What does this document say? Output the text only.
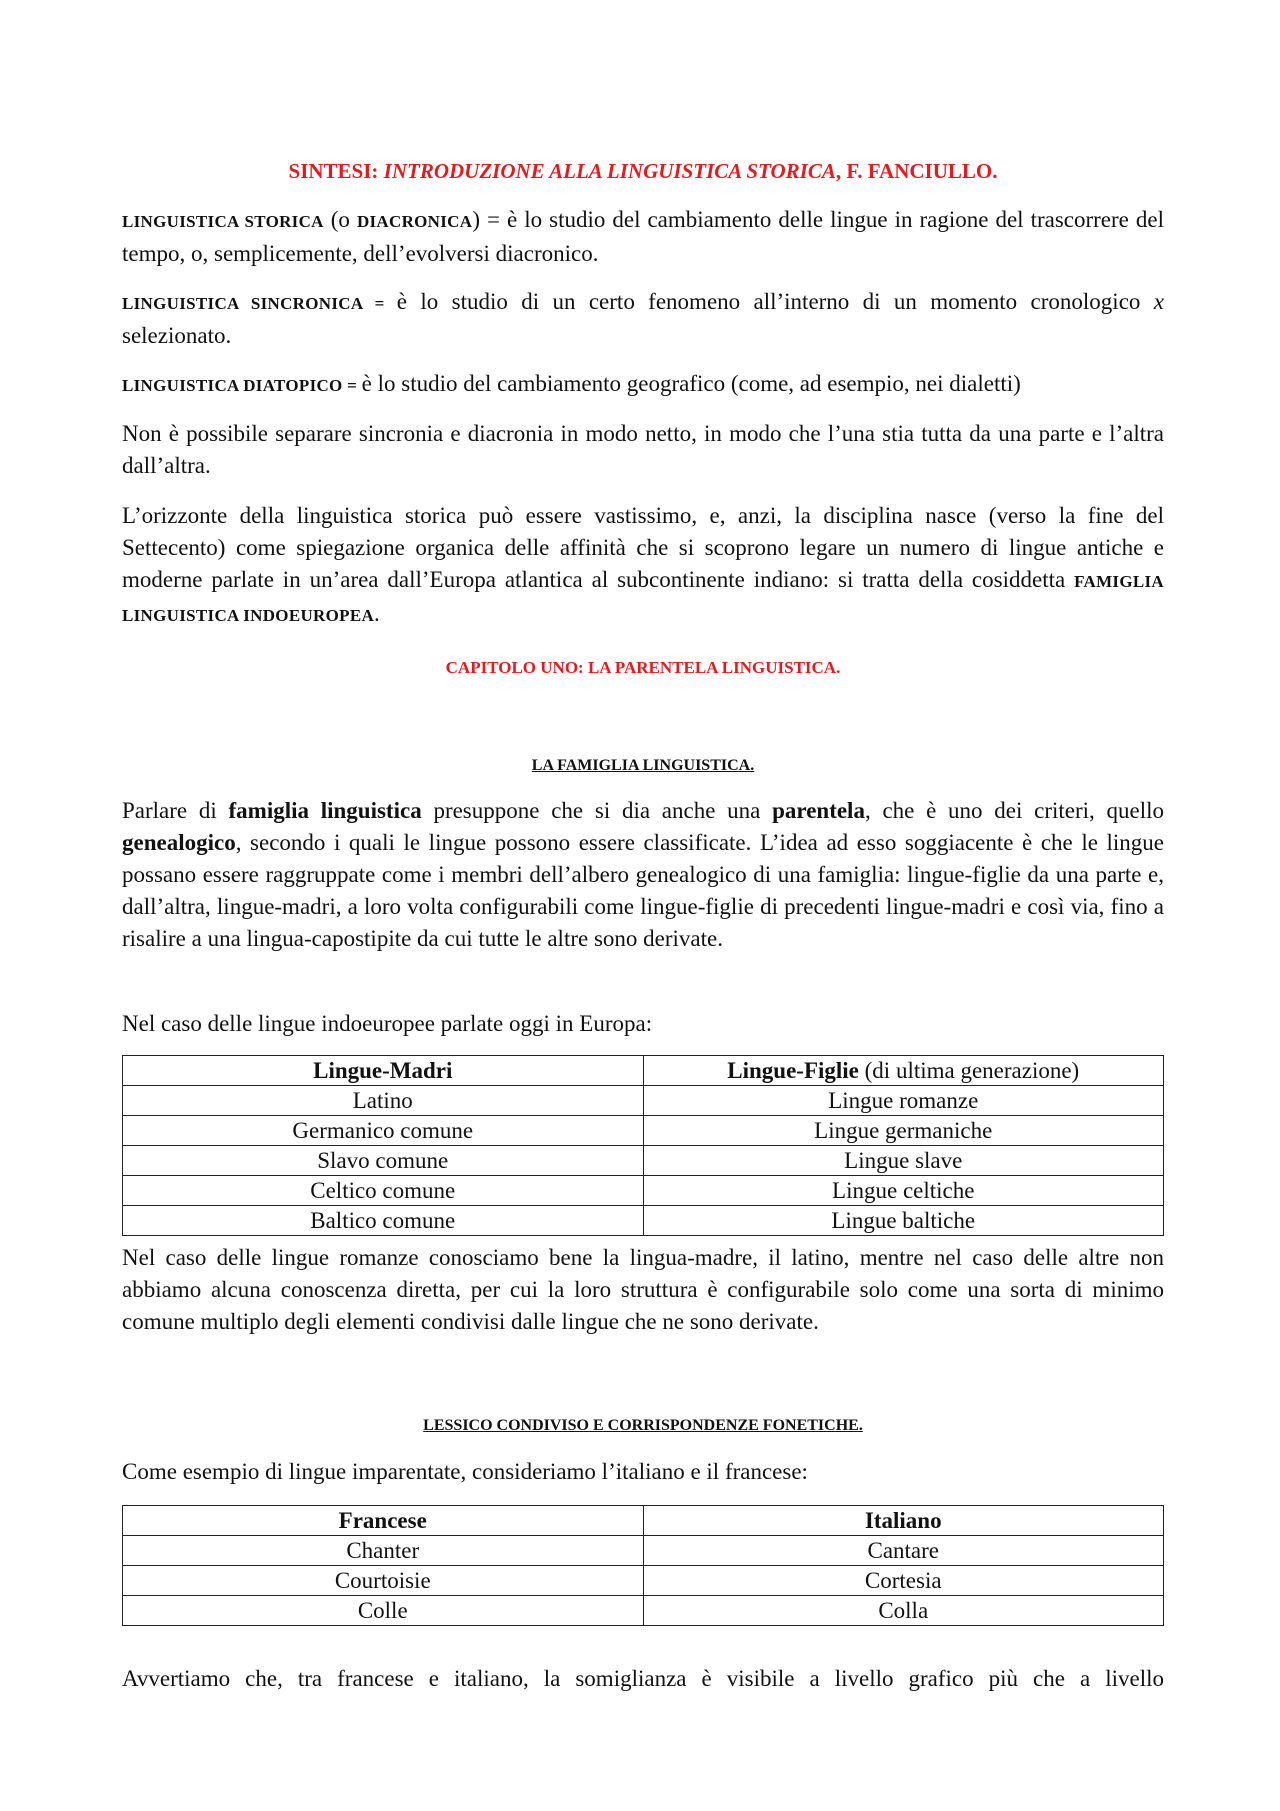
SINTESI: INTRODUZIONE ALLA LINGUISTICA STORICA, F. FANCIULLO.
LINGUISTICA STORICA (o DIACRONICA) = è lo studio del cambiamento delle lingue in ragione del trascorrere del tempo, o, semplicemente, dell’evolversi diacronico.
LINGUISTICA SINCRONICA = è lo studio di un certo fenomeno all’interno di un momento cronologico x selezionato.
LINGUISTICA DIATOPICO = è lo studio del cambiamento geografico (come, ad esempio, nei dialetti)
Non è possibile separare sincronia e diacronia in modo netto, in modo che l’una stia tutta da una parte e l’altra dall’altra.
L’orizzonte della linguistica storica può essere vastissimo, e, anzi, la disciplina nasce (verso la fine del Settecento) come spiegazione organica delle affinità che si scoprono legare un numero di lingue antiche e moderne parlate in un’area dall’Europa atlantica al subcontinente indiano: si tratta della cosiddetta FAMIGLIA LINGUISTICA INDOEUROPEA.
CAPITOLO UNO: LA PARENTELA LINGUISTICA.
LA FAMIGLIA LINGUISTICA.
Parlare di famiglia linguistica presuppone che si dia anche una parentela, che è uno dei criteri, quello genealogico, secondo i quali le lingue possono essere classificate. L’idea ad esso soggiacente è che le lingue possano essere raggruppate come i membri dell’albero genealogico di una famiglia: lingue-figlie da una parte e, dall’altra, lingue-madri, a loro volta configurabili come lingue-figlie di precedenti lingue-madri e così via, fino a risalire a una lingua-capostipite da cui tutte le altre sono derivate.
Nel caso delle lingue indoeuropee parlate oggi in Europa:
Lingue-Madri	Lingue-Figlie (di ultima generazione)
Latino	Lingue romanze
Germanico comune	Lingue germaniche
Slavo comune	Lingue slave
Celtico comune	Lingue celtiche
Baltico comune	Lingue baltiche
Nel caso delle lingue romanze conosciamo bene la lingua-madre, il latino, mentre nel caso delle altre non abbiamo alcuna conoscenza diretta, per cui la loro struttura è configurabile solo come una sorta di minimo comune multiplo degli elementi condivisi dalle lingue che ne sono derivate.
LESSICO CONDIVISO E CORRISPONDENZE FONETICHE.
Come esempio di lingue imparentate, consideriamo l’italiano e il francese:
Francese	Italiano
Chanter	Cantare
Courtoisie	Cortesia
Colle	Colla
Avvertiamo che, tra francese e italiano, la somiglianza è visibile a livello grafico più che a livello
